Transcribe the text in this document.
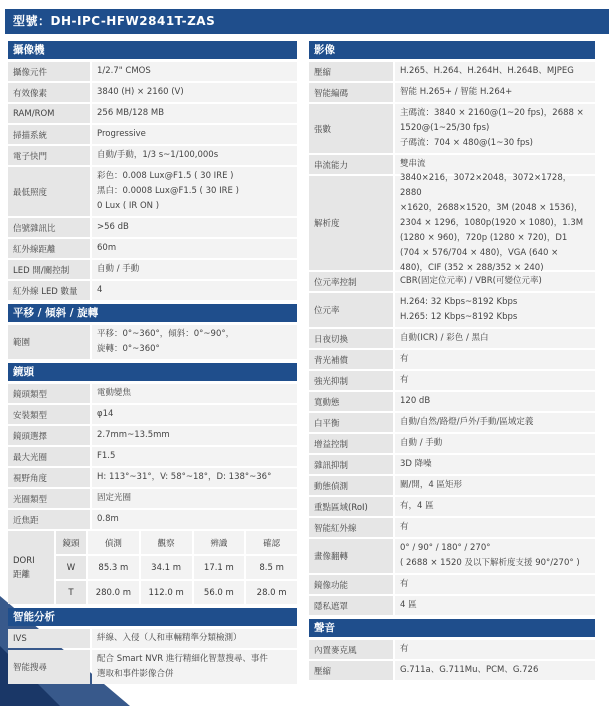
型號：DH-IPC-HFW2841T-ZAS
攝像機
攝像元件	1/2.7" CMOS
有效像素	3840 (H) × 2160 (V)
RAM/ROM	256 MB/128 MB
掃描系統	Progressive
電子快門	自動/手動，1/3 s~1/100,000s
最低照度
彩色：0.008 Lux@F1.5 ( 30 IRE )
黑白：0.0008 Lux@F1.5 ( 30 IRE )
0 Lux ( IR ON )
信號雜訊比	>56 dB
紅外線距離	60m
LED 開/關控制	自動 / 手動
紅外線 LED 數量	4
平移 / 傾斜 / 旋轉
範圍
平移：0°~360°，傾斜：0°~90°，
旋轉：0°~360°
鏡頭
鏡頭類型	電動變焦
安裝類型	φ14
鏡頭選擇	2.7mm~13.5mm
最大光圈	F1.5
視野角度	H: 113°~31°，V: 58°~18°，D: 138°~36°
光圈類型	固定光圈
近焦距	0.8m
DORI
距離
鏡頭	偵測	觀察	辨識	確認
W	85.3 m	34.1 m	17.1 m	8.5 m
T	280.0 m	112.0 m	56.0 m	28.0 m
智能分析
IVS	絆線、入侵（人和車輛精準分類檢測）
智能搜尋
配合 Smart NVR 進行精細化智慧搜尋、事件
選取和事件影像合併
影像
壓縮	H.265、H.264、H.264H、H.264B、MJPEG
智能編碼	智能 H.265+ / 智能 H.264+
張數
主碼流：3840 × 2160@(1~20 fps)，2688 ×
1520@(1~25/30 fps)
子碼流：704 × 480@(1~30 fps)
串流能力	雙串流
解析度
3840×216，3072×2048，3072×1728，2880
×1620，2688×1520，3M (2048 × 1536)，
2304 × 1296，1080p(1920 × 1080)，1.3M
(1280 × 960)，720p (1280 × 720)，D1
(704 × 576/704 × 480)，VGA (640 ×
480)，CIF (352 × 288/352 × 240)
位元率控制	CBR(固定位元率) / VBR(可變位元率)
位元率
H.264: 32 Kbps~8192 Kbps
H.265: 12 Kbps~8192 Kbps
日夜切換	自動(ICR) / 彩色 / 黑白
背光補償	有
強光抑制	有
寬動態	120 dB
白平衡	自動/自然/路燈/戶外/手動/區域定義
增益控制	自動 / 手動
雜訊抑制	3D 降噪
動態偵測	關/開，4 區矩形
重點區域(RoI)	有，4 區
智能紅外線	有
畫像翻轉
0° / 90° / 180° / 270°
( 2688 × 1520 及以下解析度支援 90°/270° )
鏡像功能	有
隱私遮罩	4 區
聲音
內置麥克風	有
壓縮	G.711a、G.711Mu、PCM、G.726
